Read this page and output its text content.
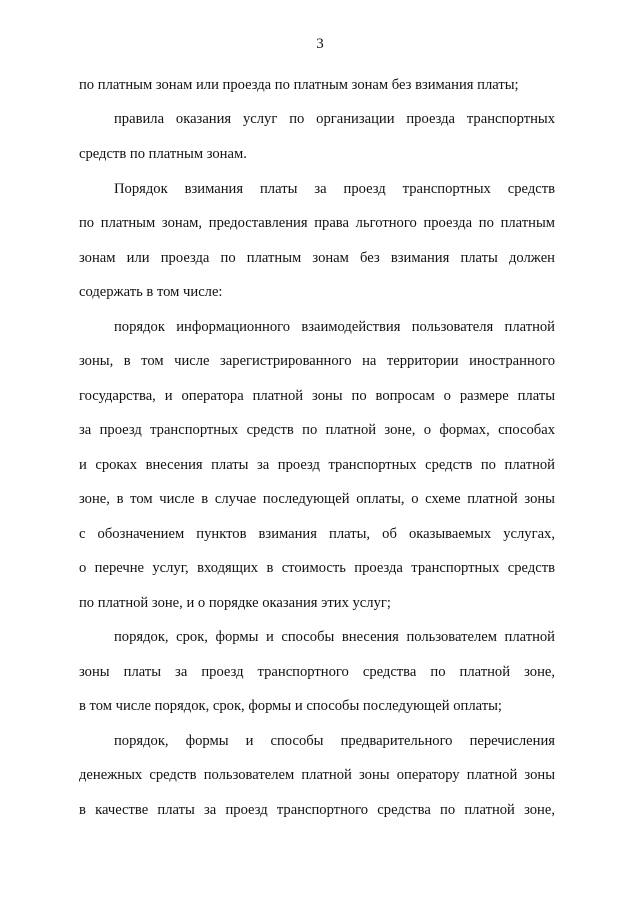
3
по платным зонам или проезда по платным зонам без взимания платы;
правила оказания услуг по организации проезда транспортных
средств по платным зонам.
Порядок взимания платы за проезд транспортных средств
по платным зонам, предоставления права льготного проезда по платным
зонам или проезда по платным зонам без взимания платы должен
содержать в том числе:
порядок информационного взаимодействия пользователя платной
зоны, в том числе зарегистрированного на территории иностранного
государства, и оператора платной зоны по вопросам о размере платы
за проезд транспортных средств по платной зоне, о формах, способах
и сроках внесения платы за проезд транспортных средств по платной
зоне, в том числе в случае последующей оплаты, о схеме платной зоны
с обозначением пунктов взимания платы, об оказываемых услугах,
о перечне услуг, входящих в стоимость проезда транспортных средств
по платной зоне, и о порядке оказания этих услуг;
порядок, срок, формы и способы внесения пользователем платной
зоны платы за проезд транспортного средства по платной зоне,
в том числе порядок, срок, формы и способы последующей оплаты;
порядок, формы и способы предварительного перечисления
денежных средств пользователем платной зоны оператору платной зоны
в качестве платы за проезд транспортного средства по платной зоне,
